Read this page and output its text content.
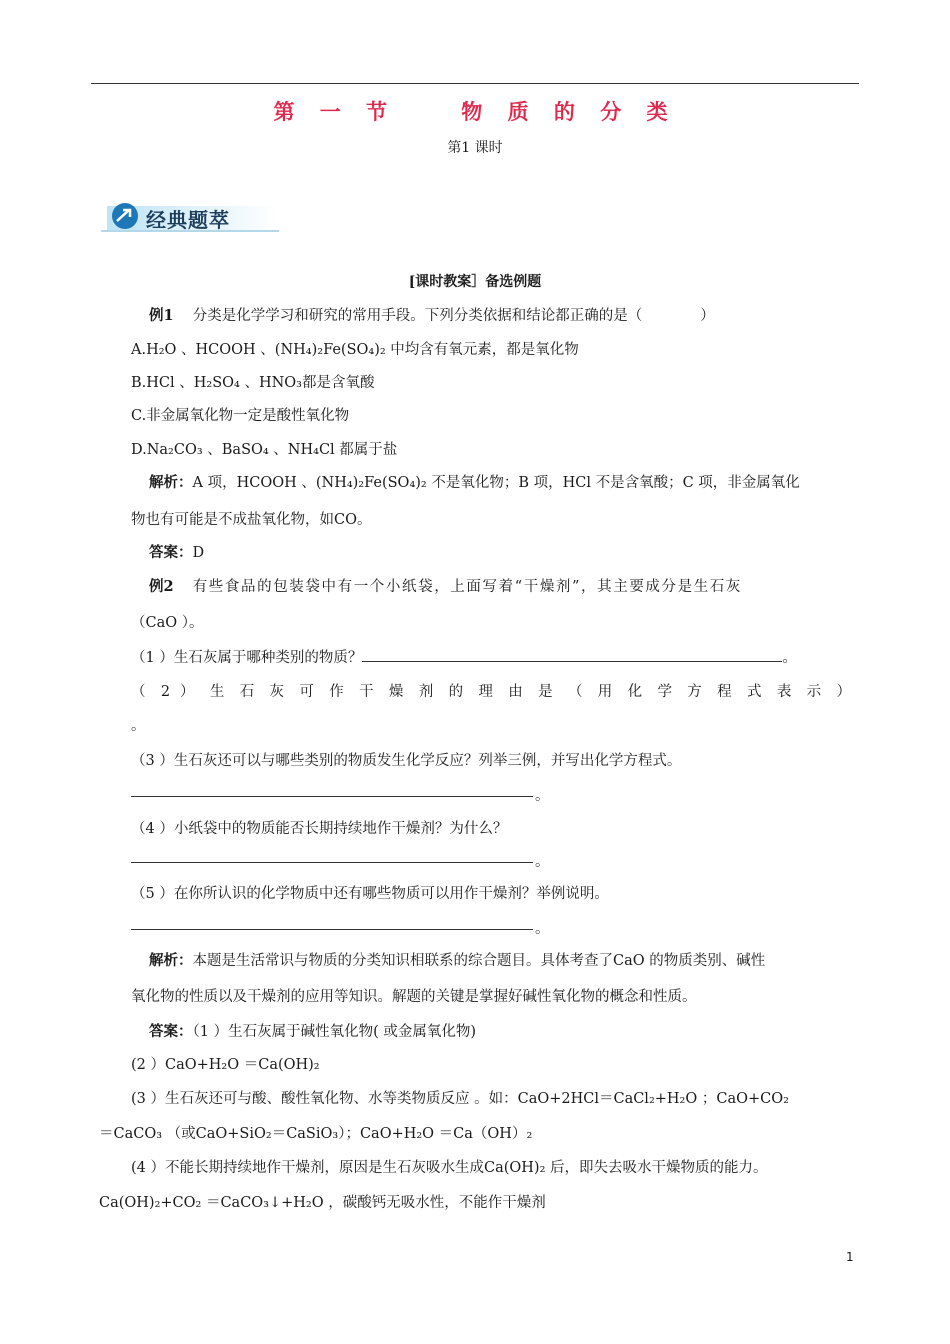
第 一 节    物 质 的 分 类
第1 课时
经典题萃
[课时教案］备选例题
例1　 分类是化学学习和研究的常用手段。下列分类依据和结论都正确的是（　　　　）
A.H₂O 、HCOOH 、(NH₄)₂Fe(SO₄)₂ 中均含有氧元素，都是氧化物
B.HCl 、H₂SO₄ 、HNO₃都是含氧酸
C.非金属氧化物一定是酸性氧化物
D.Na₂CO₃ 、BaSO₄ 、NH₄Cl 都属于盐
解析：A 项，HCOOH 、(NH₄)₂Fe(SO₄)₂ 不是氧化物；B 项，HCl 不是含氧酸；C 项，非金属氧化
物也有可能是不成盐氧化物，如CO。
答案：D
例2　 有些食品的包装袋中有一个小纸袋，上面写着“干燥剂”，其主要成分是生石灰
（CaO ）。
（1 ）生石灰属于哪种类别的物质？	。
（ 2 ） 生 石 灰 可 作 干 燥 剂 的 理 由 是 （ 用 化 学 方 程 式 表 示 ）
。
（3 ）生石灰还可以与哪些类别的物质发生化学反应？列举三例，并写出化学方程式。
。
（4 ）小纸袋中的物质能否长期持续地作干燥剂？为什么？
。
（5 ）在你所认识的化学物质中还有哪些物质可以用作干燥剂？举例说明。
。
解析：本题是生活常识与物质的分类知识相联系的综合题目。具体考查了CaO 的物质类别、碱性
氧化物的性质以及干燥剂的应用等知识。解题的关键是掌握好碱性氧化物的概念和性质。
答案：（1 ）生石灰属于碱性氧化物( 或金属氧化物)
(2 ）CaO+H₂O ＝Ca(OH)₂
(3 ）生石灰还可与酸、酸性氧化物、水等类物质反应 。如：CaO+2HCl＝CaCl₂+H₂O ；CaO+CO₂
＝CaCO₃ （或CaO+SiO₂＝CaSiO₃）；CaO+H₂O ＝Ca（OH）₂
(4 ）不能长期持续地作干燥剂，原因是生石灰吸水生成Ca(OH)₂ 后，即失去吸水干燥物质的能力。
Ca(OH)₂+CO₂ ＝CaCO₃↓+H₂O ，碳酸钙无吸水性，不能作干燥剂
1
